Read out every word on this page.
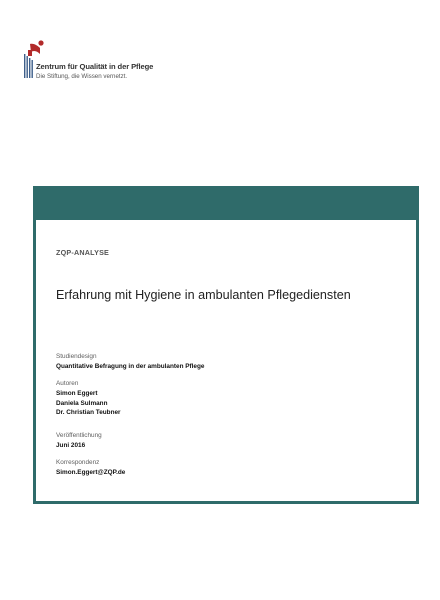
Zentrum für Qualität in der Pflege
Die Stiftung, die Wissen vernetzt.
ZQP-ANALYSE
Erfahrung mit Hygiene in ambulanten Pflegediensten
Studiendesign
Quantitative Befragung in der ambulanten Pflege
Autoren
Simon Eggert
Daniela Sulmann
Dr. Christian Teubner
Veröffentlichung
Juni 2016
Korrespondenz
Simon.Eggert@ZQP.de
